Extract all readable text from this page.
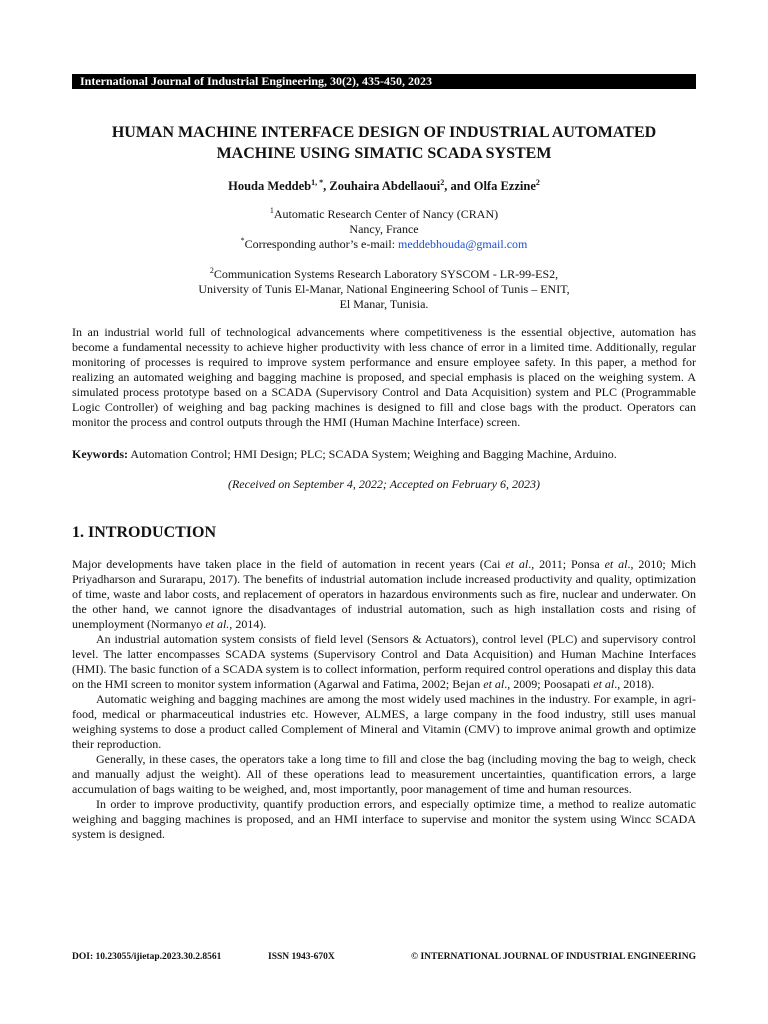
International Journal of Industrial Engineering, 30(2), 435-450, 2023
HUMAN MACHINE INTERFACE DESIGN OF INDUSTRIAL AUTOMATED
MACHINE USING SIMATIC SCADA SYSTEM
Houda Meddeb$^{1, *}$, Zouhaira Abdellaoui$^2$, and Olfa Ezzine$^2$
$^1$Automatic Research Center of Nancy (CRAN)
Nancy, France
*Corresponding author’s e-mail: meddebhouda@gmail.com
$^2$Communication Systems Research Laboratory SYSCOM - LR-99-ES2,
University of Tunis El-Manar, National Engineering School of Tunis – ENIT,
El Manar, Tunisia.
In an industrial world full of technological advancements where competitiveness is the essential objective, automation has become a fundamental necessity to achieve higher productivity with less chance of error in a limited time. Additionally, regular monitoring of processes is required to improve system performance and ensure employee safety. In this paper, a method for realizing an automated weighing and bagging machine is proposed, and special emphasis is placed on the weighing system. A simulated process prototype based on a SCADA (Supervisory Control and Data Acquisition) system and PLC (Programmable Logic Controller) of weighing and bag packing machines is designed to fill and close bags with the product. Operators can monitor the process and control outputs through the HMI (Human Machine Interface) screen.
Keywords: Automation Control; HMI Design; PLC; SCADA System; Weighing and Bagging Machine, Arduino.
(Received on September 4, 2022; Accepted on February 6, 2023)
1. INTRODUCTION

Major developments have taken place in the field of automation in recent years (Cai et al., 2011; Ponsa et al., 2010; Mich Priyadharson and Surarapu, 2017). The benefits of industrial automation include increased productivity and quality, optimization of time, waste and labor costs, and replacement of operators in hazardous environments such as fire, nuclear and underwater. On the other hand, we cannot ignore the disadvantages of industrial automation, such as high installation costs and rising of unemployment (Normanyo et al., 2014).

An industrial automation system consists of field level (Sensors & Actuators), control level (PLC) and supervisory control level. The latter encompasses SCADA systems (Supervisory Control and Data Acquisition) and Human Machine Interfaces (HMI). The basic function of a SCADA system is to collect information, perform required control operations and display this data on the HMI screen to monitor system information (Agarwal and Fatima, 2002; Bejan et al., 2009; Poosapati et al., 2018).

Automatic weighing and bagging machines are among the most widely used machines in the industry. For example, in agri-food, medical or pharmaceutical industries etc. However, ALMES, a large company in the food industry, still uses manual weighing systems to dose a product called Complement of Mineral and Vitamin (CMV) to improve animal growth and optimize their reproduction.

Generally, in these cases, the operators take a long time to fill and close the bag (including moving the bag to weigh, check and manually adjust the weight). All of these operations lead to measurement uncertainties, quantification errors, a large accumulation of bags waiting to be weighed, and, most importantly, poor management of time and human resources.

In order to improve productivity, quantify production errors, and especially optimize time, a method to realize automatic weighing and bagging machines is proposed, and an HMI interface to supervise and monitor the system using Wincc SCADA system is designed.

DOI: 10.23055/ijietap.2023.30.2.8561	ISSN 1943-670X	© INTERNATIONAL JOURNAL OF INDUSTRIAL ENGINEERING
